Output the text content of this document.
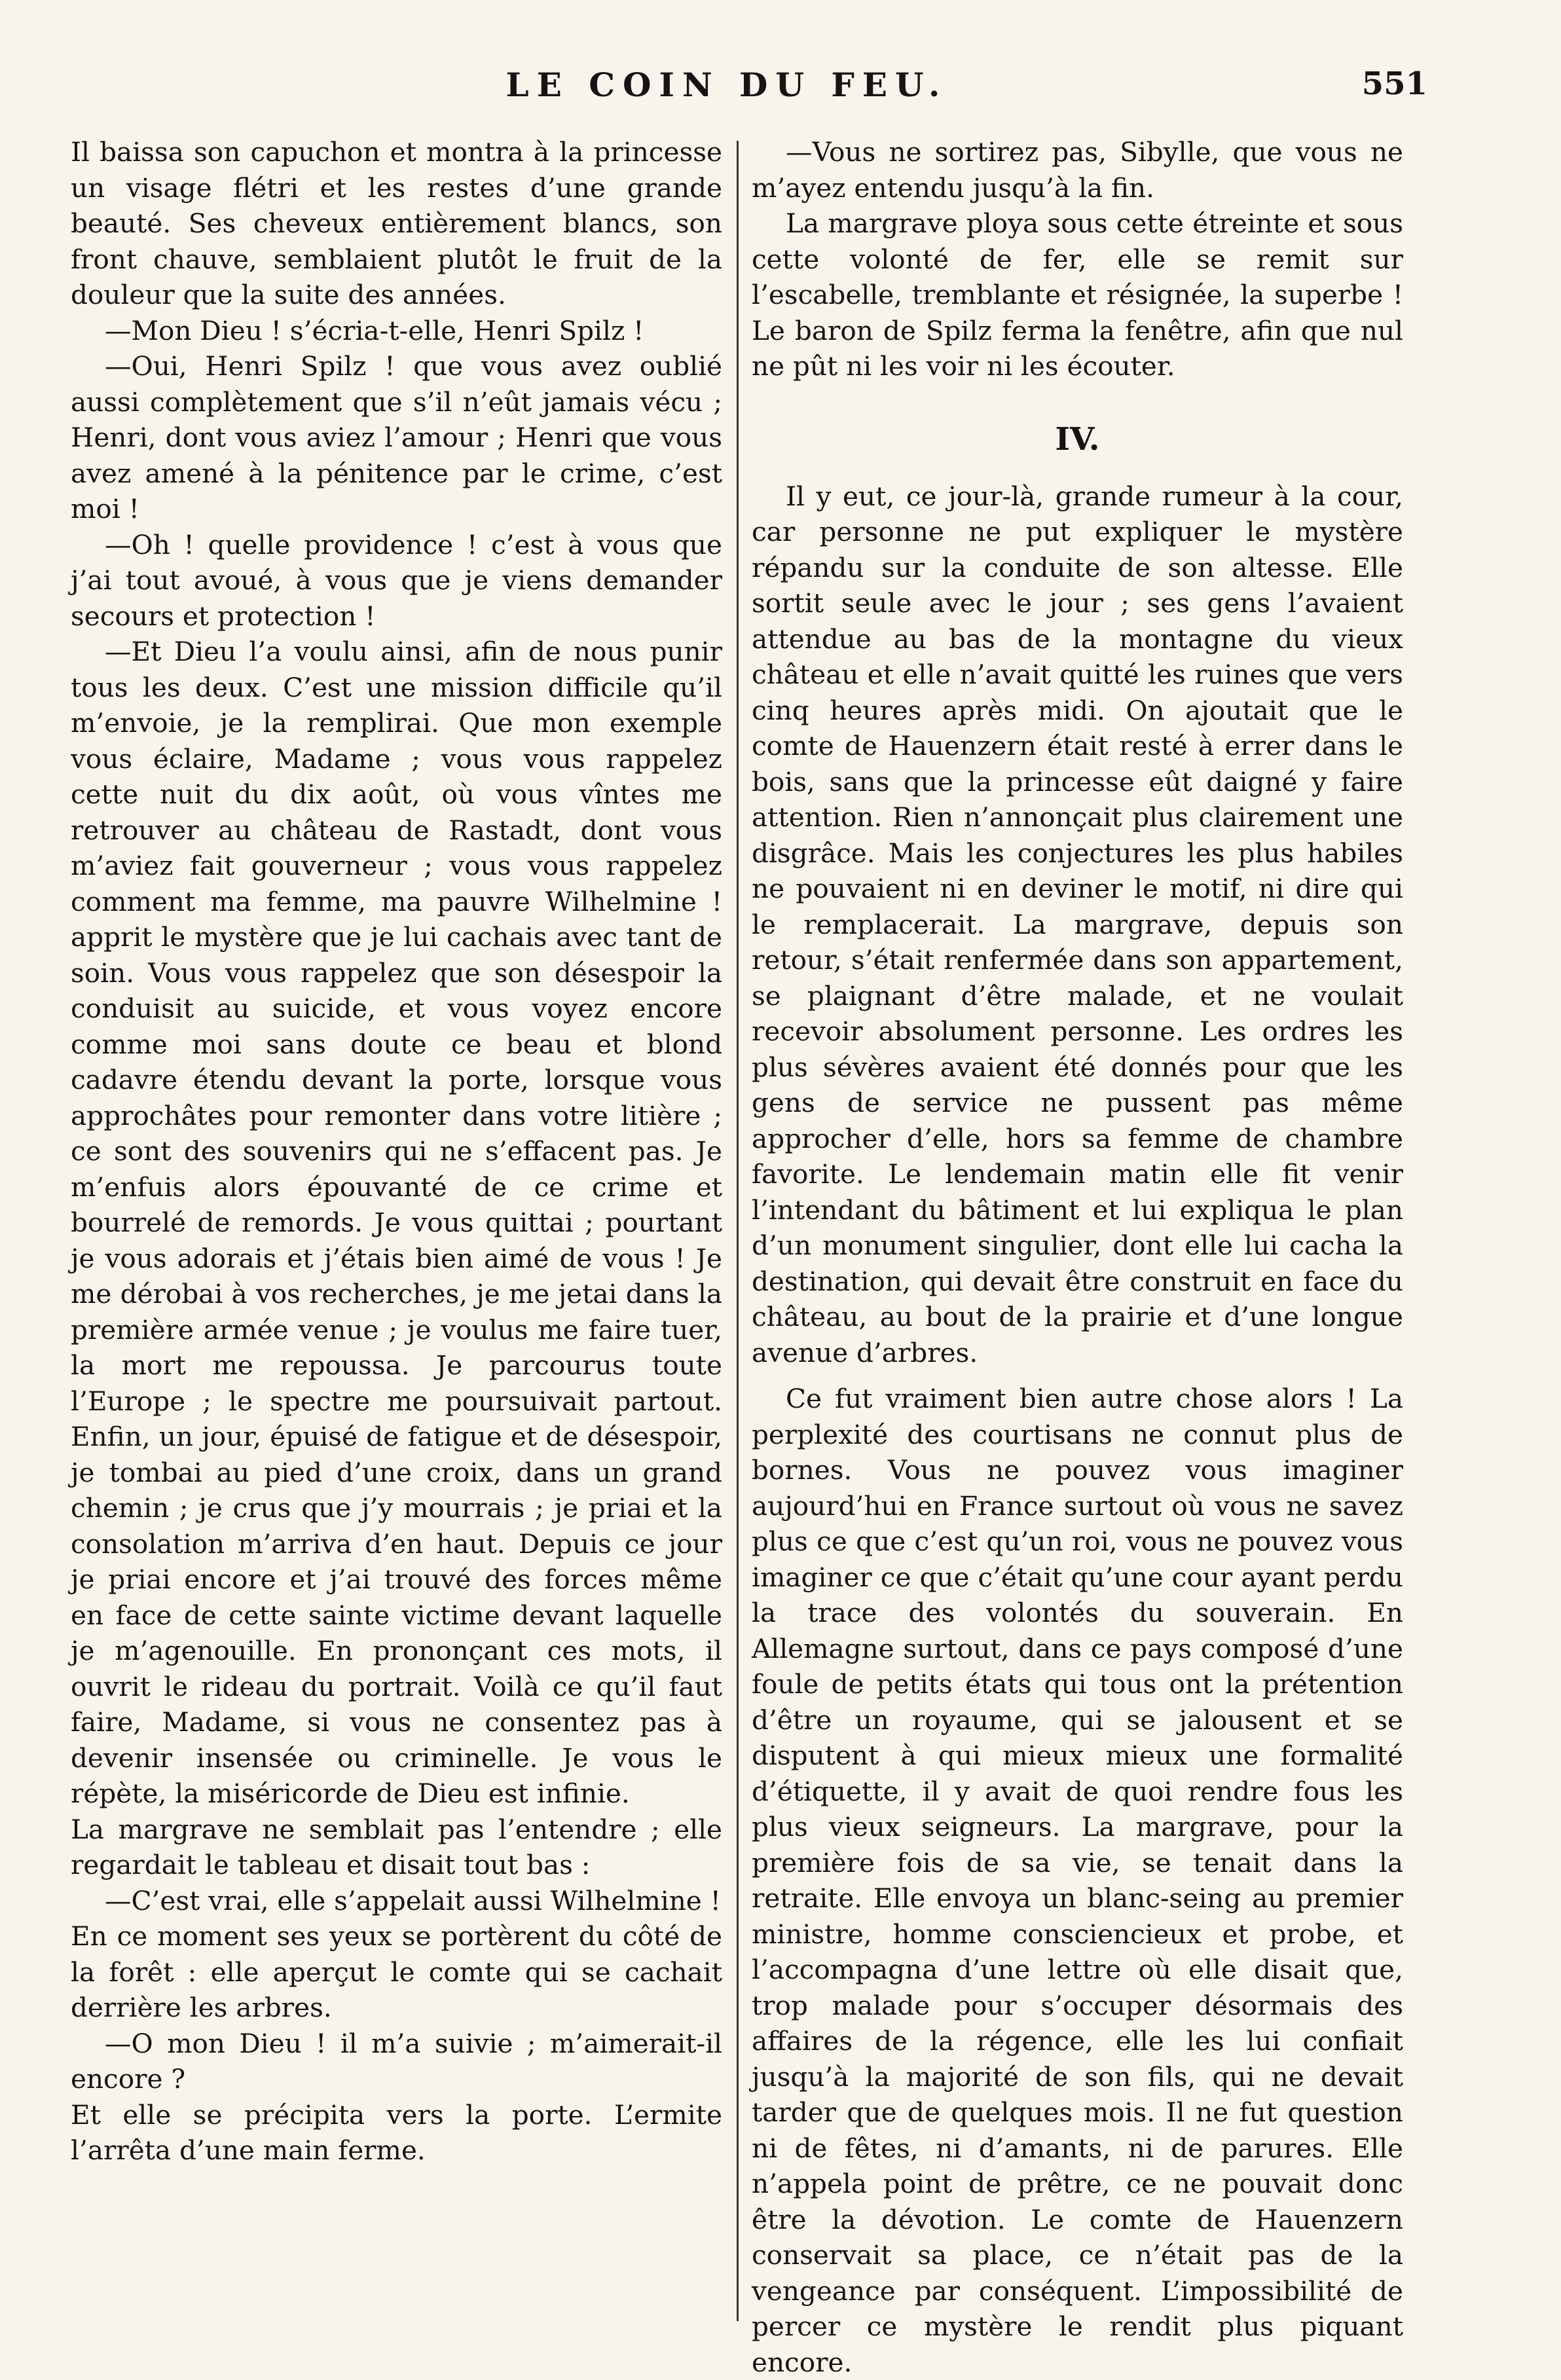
LE COIN DU FEU.	551

Il baissa son capuchon et montra à la princesse un visage flétri et les restes d’une grande beauté. Ses cheveux entièrement blancs, son front chauve, semblaient plutôt le fruit de la douleur que la suite des années.

—Mon Dieu ! s’écria-t-elle, Henri Spilz !

—Oui, Henri Spilz ! que vous avez oublié aussi complètement que s’il n’eût jamais vécu ; Henri, dont vous aviez l’amour ; Henri que vous avez amené à la pénitence par le crime, c’est moi !

—Oh ! quelle providence ! c’est à vous que j’ai tout avoué, à vous que je viens demander secours et protection !

—Et Dieu l’a voulu ainsi, afin de nous punir tous les deux. C’est une mission difficile qu’il m’envoie, je la remplirai. Que mon exemple vous éclaire, Madame ; vous vous rappelez cette nuit du dix août, où vous vîntes me retrouver au château de Rastadt, dont vous m’aviez fait gouverneur ; vous vous rappelez comment ma femme, ma pauvre Wilhelmine ! apprit le mystère que je lui cachais avec tant de soin. Vous vous rappelez que son désespoir la conduisit au suicide, et vous voyez encore comme moi sans doute ce beau et blond cadavre étendu devant la porte, lorsque vous approchâtes pour remonter dans votre litière ; ce sont des souvenirs qui ne s’effacent pas. Je m’enfuis alors épouvanté de ce crime et bourrelé de remords. Je vous quittai ; pourtant je vous adorais et j’étais bien aimé de vous ! Je me dérobai à vos recherches, je me jetai dans la première armée venue ; je voulus me faire tuer, la mort me repoussa. Je parcourus toute l’Europe ; le spectre me poursuivait partout. Enfin, un jour, épuisé de fatigue et de désespoir, je tombai au pied d’une croix, dans un grand chemin ; je crus que j’y mourrais ; je priai et la consolation m’arriva d’en haut. Depuis ce jour je priai encore et j’ai trouvé des forces même en face de cette sainte victime devant laquelle je m’agenouille. En prononçant ces mots, il ouvrit le rideau du portrait. Voilà ce qu’il faut faire, Madame, si vous ne consentez pas à devenir insensée ou criminelle. Je vous le répète, la miséricorde de Dieu est infinie.

La margrave ne semblait pas l’entendre ; elle regardait le tableau et disait tout bas :

—C’est vrai, elle s’appelait aussi Wilhelmine !

En ce moment ses yeux se portèrent du côté de la forêt : elle aperçut le comte qui se cachait derrière les arbres.

—O mon Dieu ! il m’a suivie ; m’aimerait-il encore ?

Et elle se précipita vers la porte. L’ermite l’arrêta d’une main ferme.

—Vous ne sortirez pas, Sibylle, que vous ne m’ayez entendu jusqu’à la fin.

La margrave ploya sous cette étreinte et sous cette volonté de fer, elle se remit sur l’escabelle, tremblante et résignée, la superbe ! Le baron de Spilz ferma la fenêtre, afin que nul ne pût ni les voir ni les écouter.

IV.

Il y eut, ce jour-là, grande rumeur à la cour, car personne ne put expliquer le mystère répandu sur la conduite de son altesse. Elle sortit seule avec le jour ; ses gens l’avaient attendue au bas de la montagne du vieux château et elle n’avait quitté les ruines que vers cinq heures après midi. On ajoutait que le comte de Hauenzern était resté à errer dans le bois, sans que la princesse eût daigné y faire attention. Rien n’annonçait plus clairement une disgrâce. Mais les conjectures les plus habiles ne pouvaient ni en deviner le motif, ni dire qui le remplacerait. La margrave, depuis son retour, s’était renfermée dans son appartement, se plaignant d’être malade, et ne voulait recevoir absolument personne. Les ordres les plus sévères avaient été donnés pour que les gens de service ne pussent pas même approcher d’elle, hors sa femme de chambre favorite. Le lendemain matin elle fit venir l’intendant du bâtiment et lui expliqua le plan d’un monument singulier, dont elle lui cacha la destination, qui devait être construit en face du château, au bout de la prairie et d’une longue avenue d’arbres.

Ce fut vraiment bien autre chose alors ! La perplexité des courtisans ne connut plus de bornes. Vous ne pouvez vous imaginer aujourd’hui en France surtout où vous ne savez plus ce que c’est qu’un roi, vous ne pouvez vous imaginer ce que c’était qu’une cour ayant perdu la trace des volontés du souverain. En Allemagne surtout, dans ce pays composé d’une foule de petits états qui tous ont la prétention d’être un royaume, qui se jalousent et se disputent à qui mieux mieux une formalité d’étiquette, il y avait de quoi rendre fous les plus vieux seigneurs. La margrave, pour la première fois de sa vie, se tenait dans la retraite. Elle envoya un blanc-seing au premier ministre, homme consciencieux et probe, et l’accompagna d’une lettre où elle disait que, trop malade pour s’occuper désormais des affaires de la régence, elle les lui confiait jusqu’à la majorité de son fils, qui ne devait tarder que de quelques mois. Il ne fut question ni de fêtes, ni d’amants, ni de parures. Elle n’appela point de prêtre, ce ne pouvait donc être la dévotion. Le comte de Hauenzern conservait sa place, ce n’était pas de la vengeance par conséquent. L’impossibilité de percer ce mystère le rendit plus piquant encore.
